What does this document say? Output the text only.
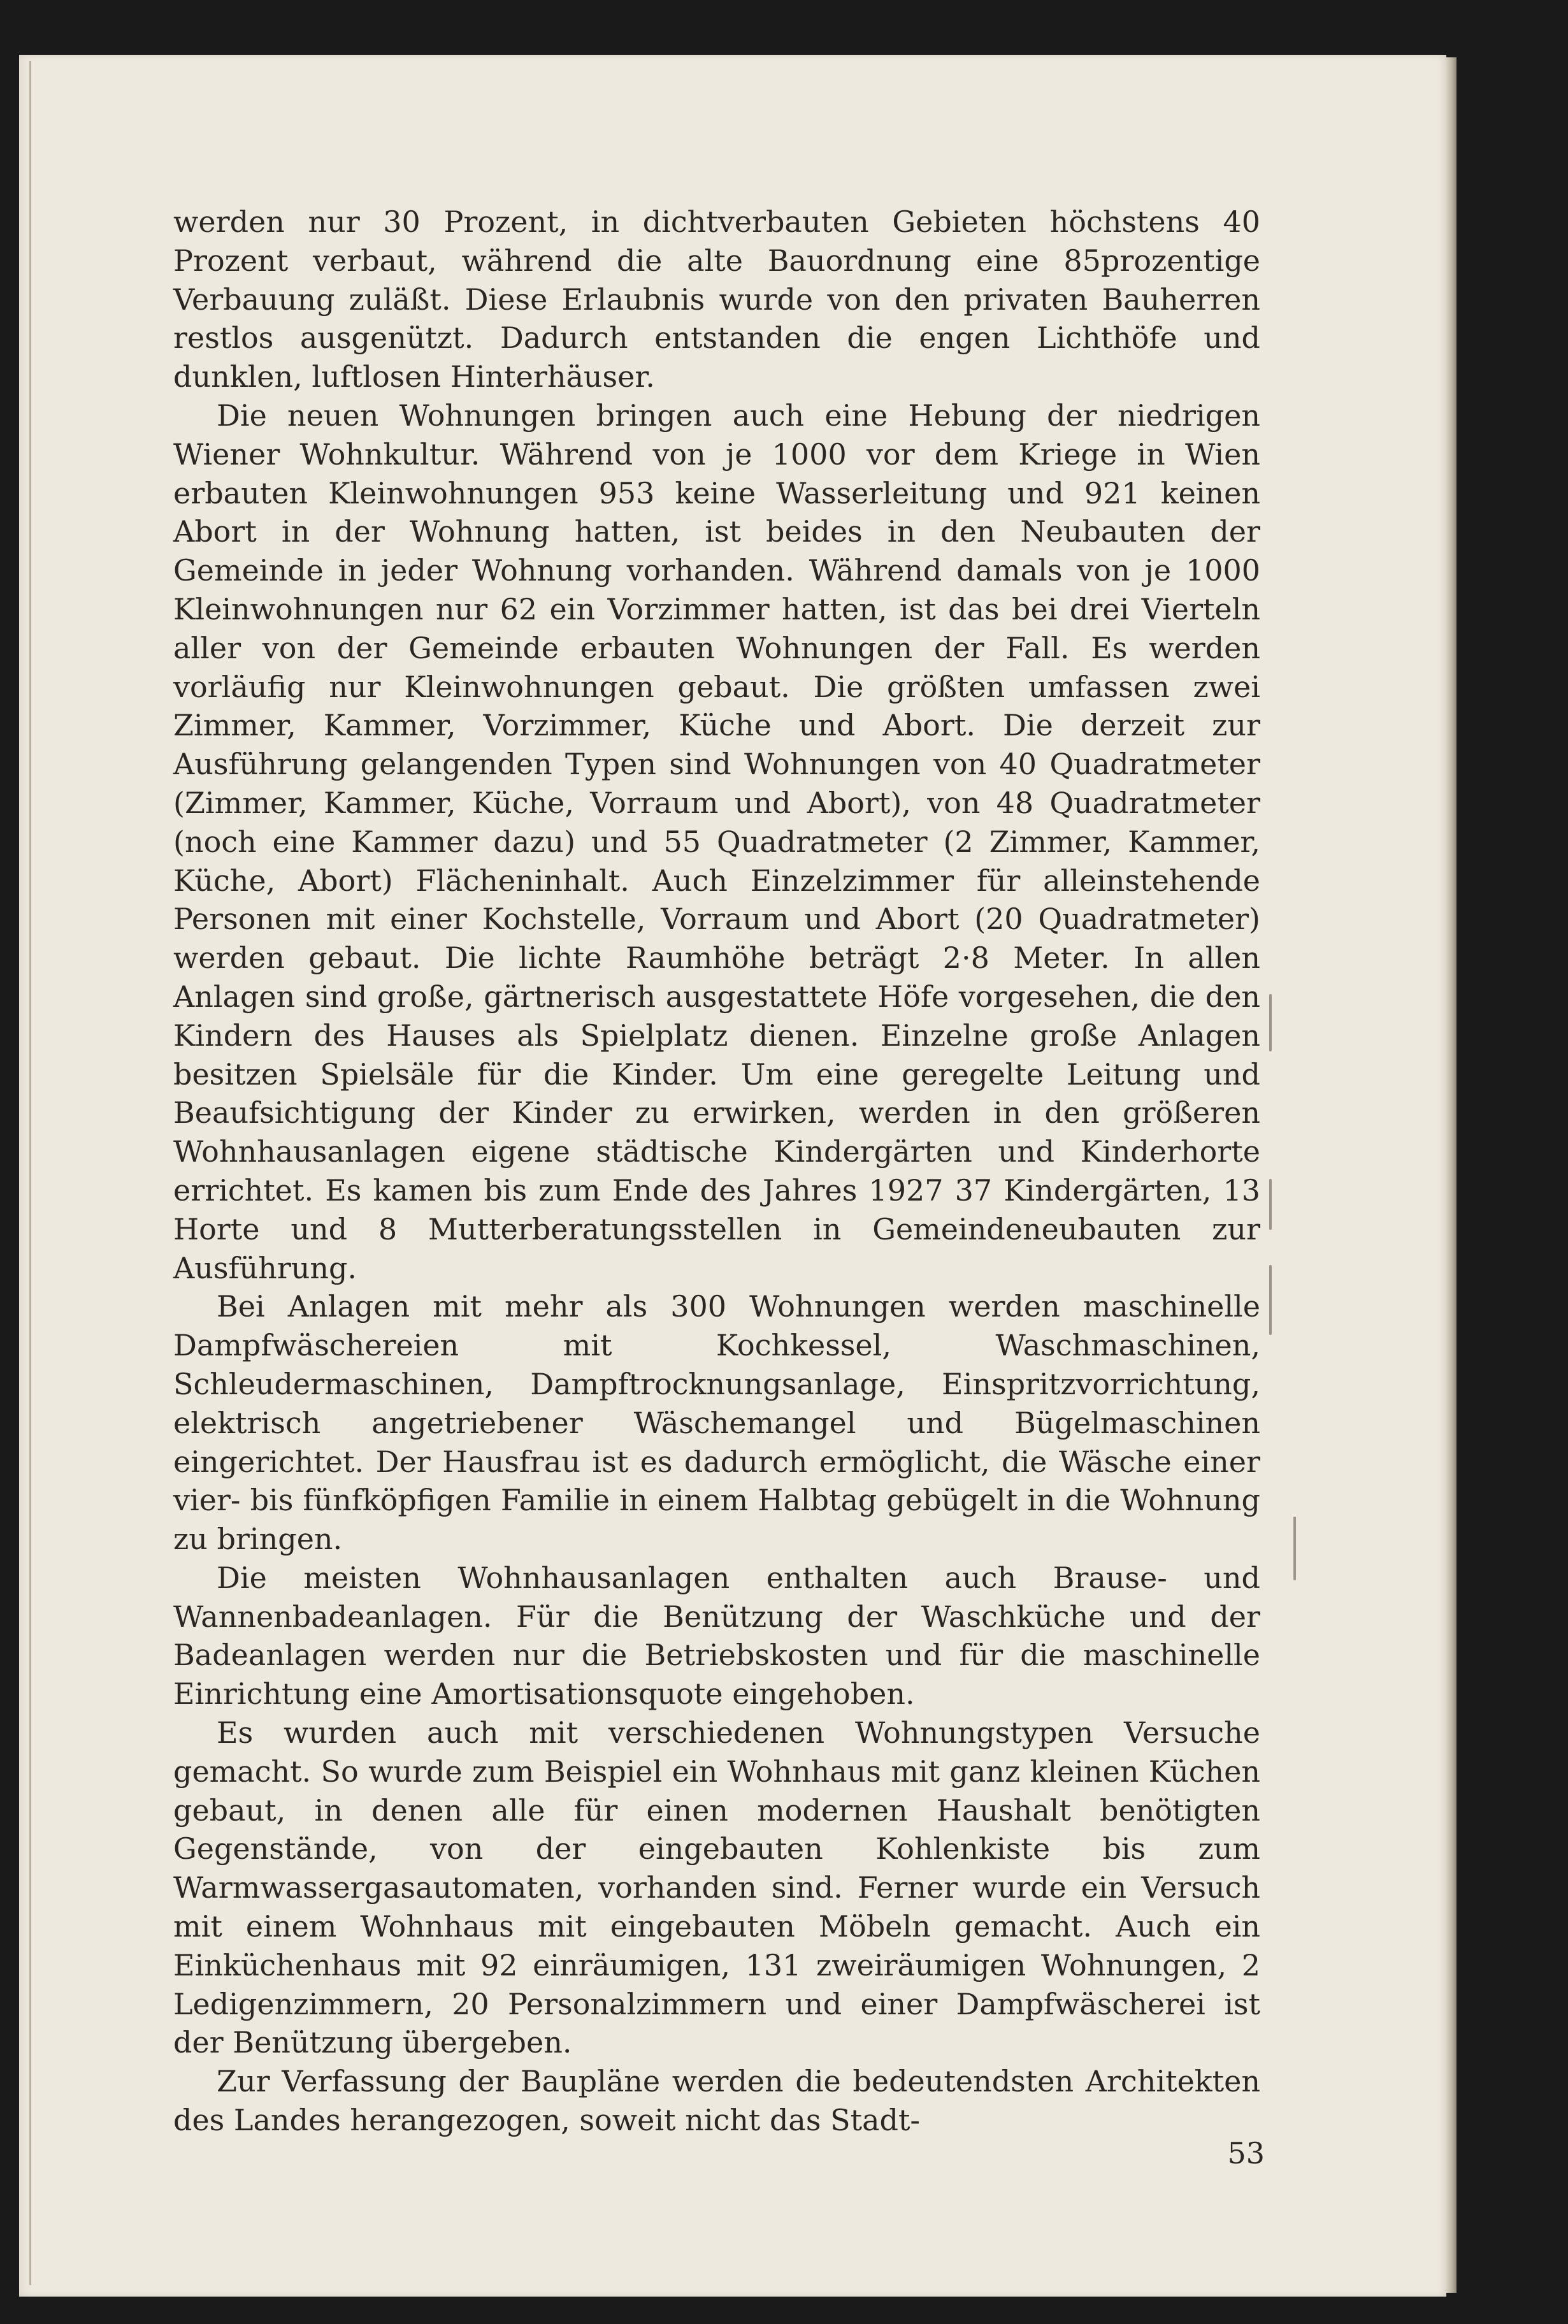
werden nur 30 Prozent, in dichtverbauten Gebieten höchstens 40 Prozent verbaut, während die alte Bauordnung eine 85prozentige Verbauung zuläßt. Diese Erlaubnis wurde von den privaten Bauherren restlos ausgenützt. Dadurch entstanden die engen Lichthöfe und dunklen, luftlosen Hinterhäuser.

Die neuen Wohnungen bringen auch eine Hebung der niedrigen Wiener Wohnkultur. Während von je 1000 vor dem Kriege in Wien erbauten Kleinwohnungen 953 keine Wasserleitung und 921 keinen Abort in der Wohnung hatten, ist beides in den Neubauten der Gemeinde in jeder Wohnung vorhanden. Während damals von je 1000 Kleinwohnungen nur 62 ein Vorzimmer hatten, ist das bei drei Vierteln aller von der Gemeinde erbauten Wohnungen der Fall. Es werden vorläufig nur Kleinwohnungen gebaut. Die größten umfassen zwei Zimmer, Kammer, Vorzimmer, Küche und Abort. Die derzeit zur Ausführung gelangenden Typen sind Wohnungen von 40 Quadratmeter (Zimmer, Kammer, Küche, Vorraum und Abort), von 48 Quadratmeter (noch eine Kammer dazu) und 55 Quadratmeter (2 Zimmer, Kammer, Küche, Abort) Flächeninhalt. Auch Einzelzimmer für alleinstehende Personen mit einer Kochstelle, Vorraum und Abort (20 Quadratmeter) werden gebaut. Die lichte Raumhöhe beträgt 2·8 Meter. In allen Anlagen sind große, gärtnerisch ausgestattete Höfe vorgesehen, die den Kindern des Hauses als Spielplatz dienen. Einzelne große Anlagen besitzen Spielsäle für die Kinder. Um eine geregelte Leitung und Beaufsichtigung der Kinder zu erwirken, werden in den größeren Wohnhausanlagen eigene städtische Kindergärten und Kinderhorte errichtet. Es kamen bis zum Ende des Jahres 1927 37 Kindergärten, 13 Horte und 8 Mutterberatungsstellen in Gemeindeneubauten zur Ausführung.

Bei Anlagen mit mehr als 300 Wohnungen werden maschinelle Dampfwäschereien mit Kochkessel, Waschmaschinen, Schleudermaschinen, Dampftrocknungsanlage, Einspritzvorrichtung, elektrisch angetriebener Wäschemangel und Bügelmaschinen eingerichtet. Der Hausfrau ist es dadurch ermöglicht, die Wäsche einer vier- bis fünfköpfigen Familie in einem Halbtag gebügelt in die Wohnung zu bringen.

Die meisten Wohnhausanlagen enthalten auch Brause- und Wannenbadeanlagen. Für die Benützung der Waschküche und der Badeanlagen werden nur die Betriebskosten und für die maschinelle Einrichtung eine Amortisationsquote eingehoben.

Es wurden auch mit verschiedenen Wohnungstypen Versuche gemacht. So wurde zum Beispiel ein Wohnhaus mit ganz kleinen Küchen gebaut, in denen alle für einen modernen Haushalt benötigten Gegenstände, von der eingebauten Kohlenkiste bis zum Warmwassergasautomaten, vorhanden sind. Ferner wurde ein Versuch mit einem Wohnhaus mit eingebauten Möbeln gemacht. Auch ein Einküchenhaus mit 92 einräumigen, 131 zweiräumigen Wohnungen, 2 Ledigenzimmern, 20 Personalzimmern und einer Dampfwäscherei ist der Benützung übergeben.

Zur Verfassung der Baupläne werden die bedeutendsten Architekten des Landes herangezogen, soweit nicht das Stadt-

53
